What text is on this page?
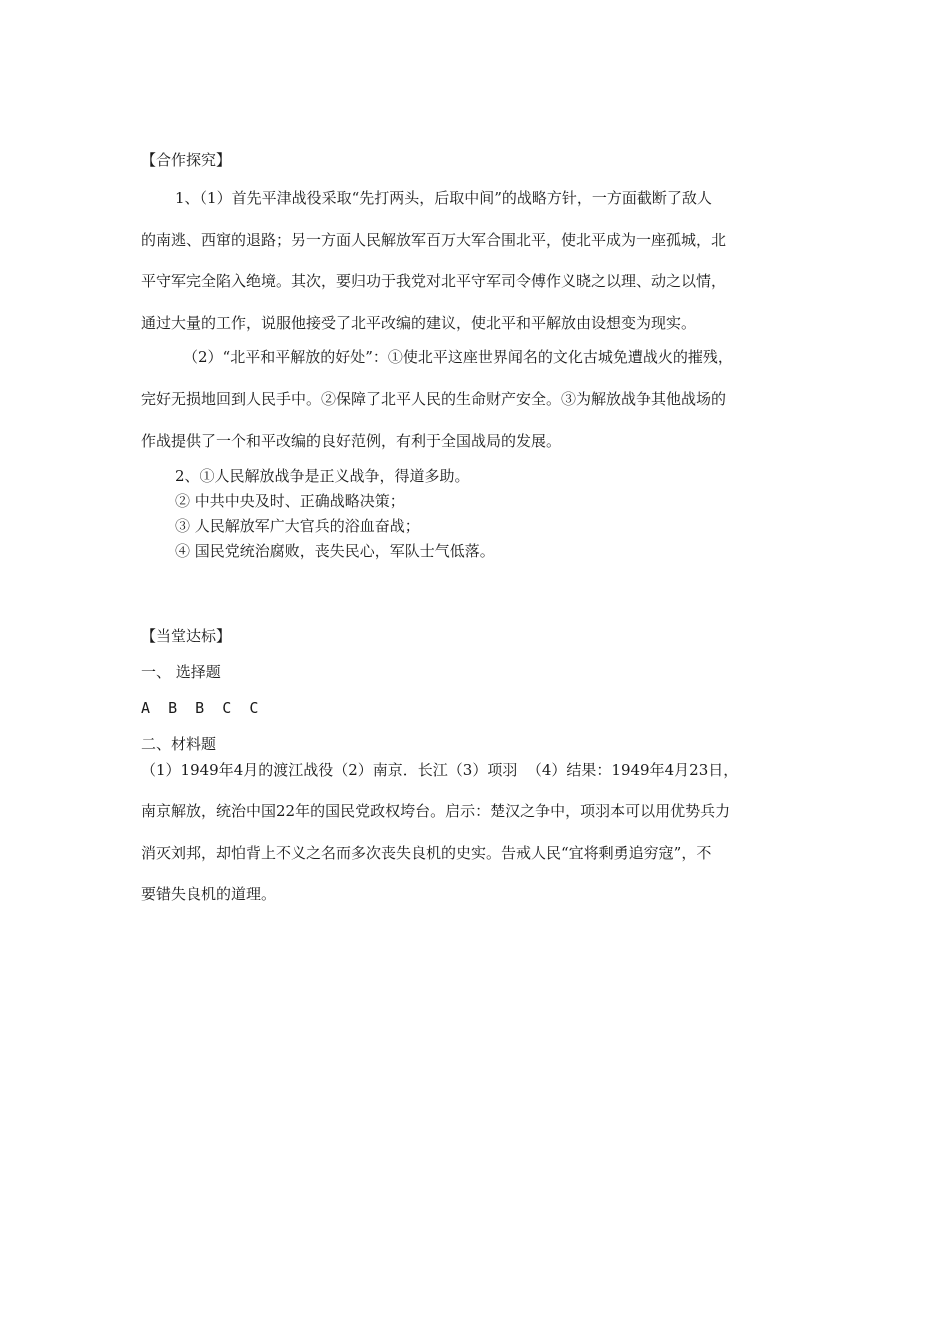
【合作探究】
1、（1）首先平津战役采取“先打两头，后取中间”的战略方针，一方面截断了敌人
的南逃、西窜的退路；另一方面人民解放军百万大军合围北平，使北平成为一座孤城，北
平守军完全陷入绝境。其次，要归功于我党对北平守军司令傅作义晓之以理、动之以情，
通过大量的工作，说服他接受了北平改编的建议，使北平和平解放由设想变为现实。
（2）“北平和平解放的好处”：①使北平这座世界闻名的文化古城免遭战火的摧残，
完好无损地回到人民手中。②保障了北平人民的生命财产安全。③为解放战争其他战场的
作战提供了一个和平改编的良好范例，有利于全国战局的发展。
2、①人民解放战争是正义战争，得道多助。
② 中共中央及时、正确战略决策；
③ 人民解放军广大官兵的浴血奋战；
④ 国民党统治腐败，丧失民心，军队士气低落。
【当堂达标】
一、 选择题
A  B  B  C  C
二、材料题
（1）1949年4月的渡江战役（2）南京．长江（3）项羽  （4）结果：1949年4月23日，
南京解放，统治中国22年的国民党政权垮台。启示：楚汉之争中，项羽本可以用优势兵力
消灭刘邦，却怕背上不义之名而多次丧失良机的史实。告戒人民“宜将剩勇追穷寇”，不
要错失良机的道理。
